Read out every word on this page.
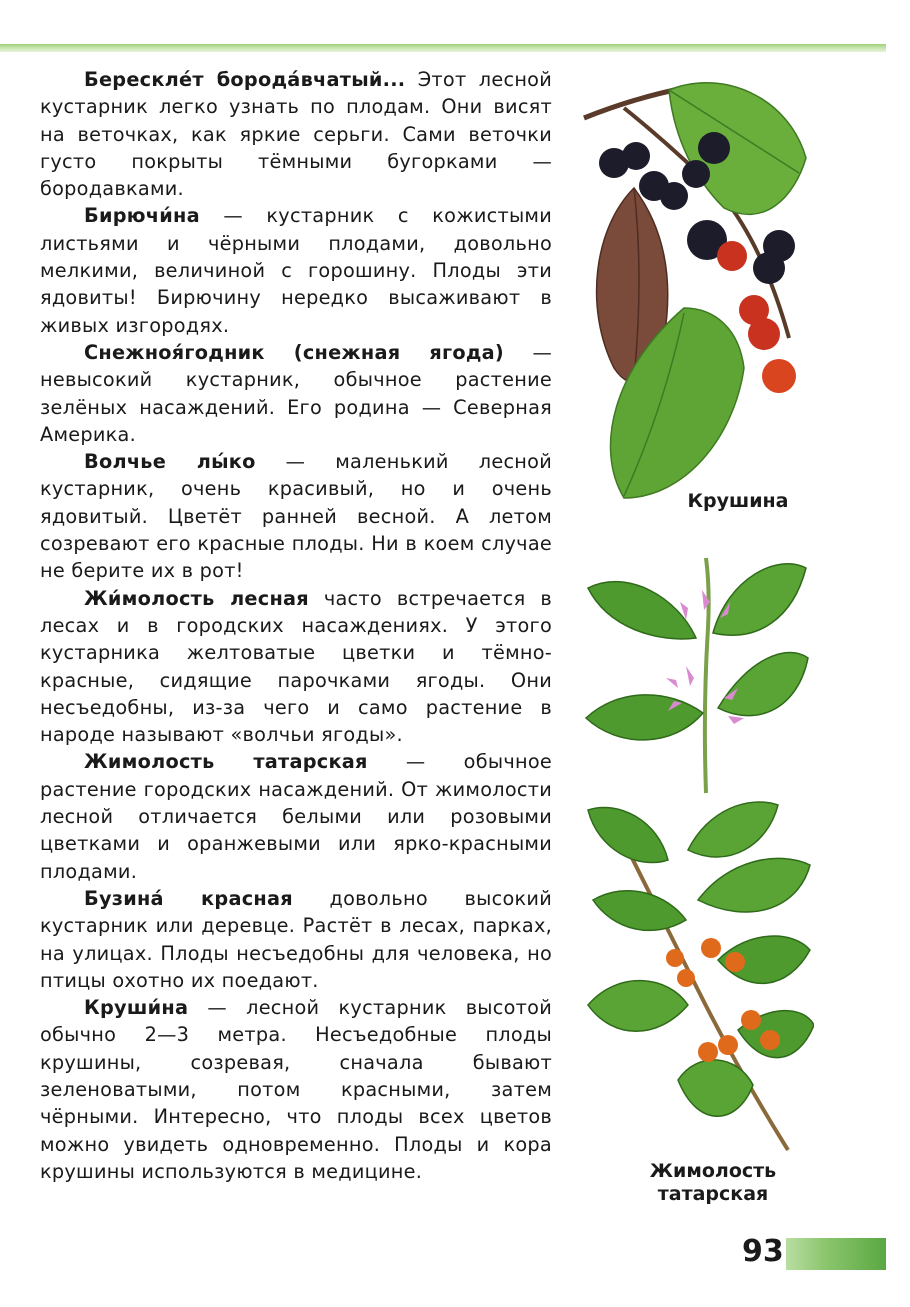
Бересклéт бородáвчатый... Этот лесной кустарник легко узнать по плодам. Они висят на веточках, как яркие серьги. Сами веточки густо покрыты тёмными бугорками — бородавками.

Бирючи́на — кустарник с кожистыми листьями и чёрными плодами, довольно мелкими, величиной с горошину. Плоды эти ядовиты! Бирючину нередко высаживают в живых изгородях.

Снежноя́годник (снежная ягода) — невысокий кустарник, обычное растение зелёных насаждений. Его родина — Северная Америка.

Волчье лы́ко — маленький лесной кустарник, очень красивый, но и очень ядовитый. Цветёт ранней весной. А летом созревают его красные плоды. Ни в коем случае не берите их в рот!

Жи́молость лесная часто встречается в лесах и в городских насаждениях. У этого кустарника желтоватые цветки и тёмно-красные, сидящие парочками ягоды. Они несъедобны, из-за чего и само растение в народе называют «волчьи ягоды».

Жимолость татарская — обычное растение городских насаждений. От жимолости лесной отличается белыми или розовыми цветками и оранжевыми или ярко-красными плодами.

Бузина́ красная довольно высокий кустарник или деревце. Растёт в лесах, парках, на улицах. Плоды несъедобны для человека, но птицы охотно их поедают.

Круши́на — лесной кустарник высотой обычно 2—3 метра. Несъедобные плоды крушины, созревая, сначала бывают зеленоватыми, потом красными, затем чёрными. Интересно, что плоды всех цветов можно увидеть одновременно. Плоды и кора крушины используются в медицине.

Крушина
Жимолость
татарская
93
